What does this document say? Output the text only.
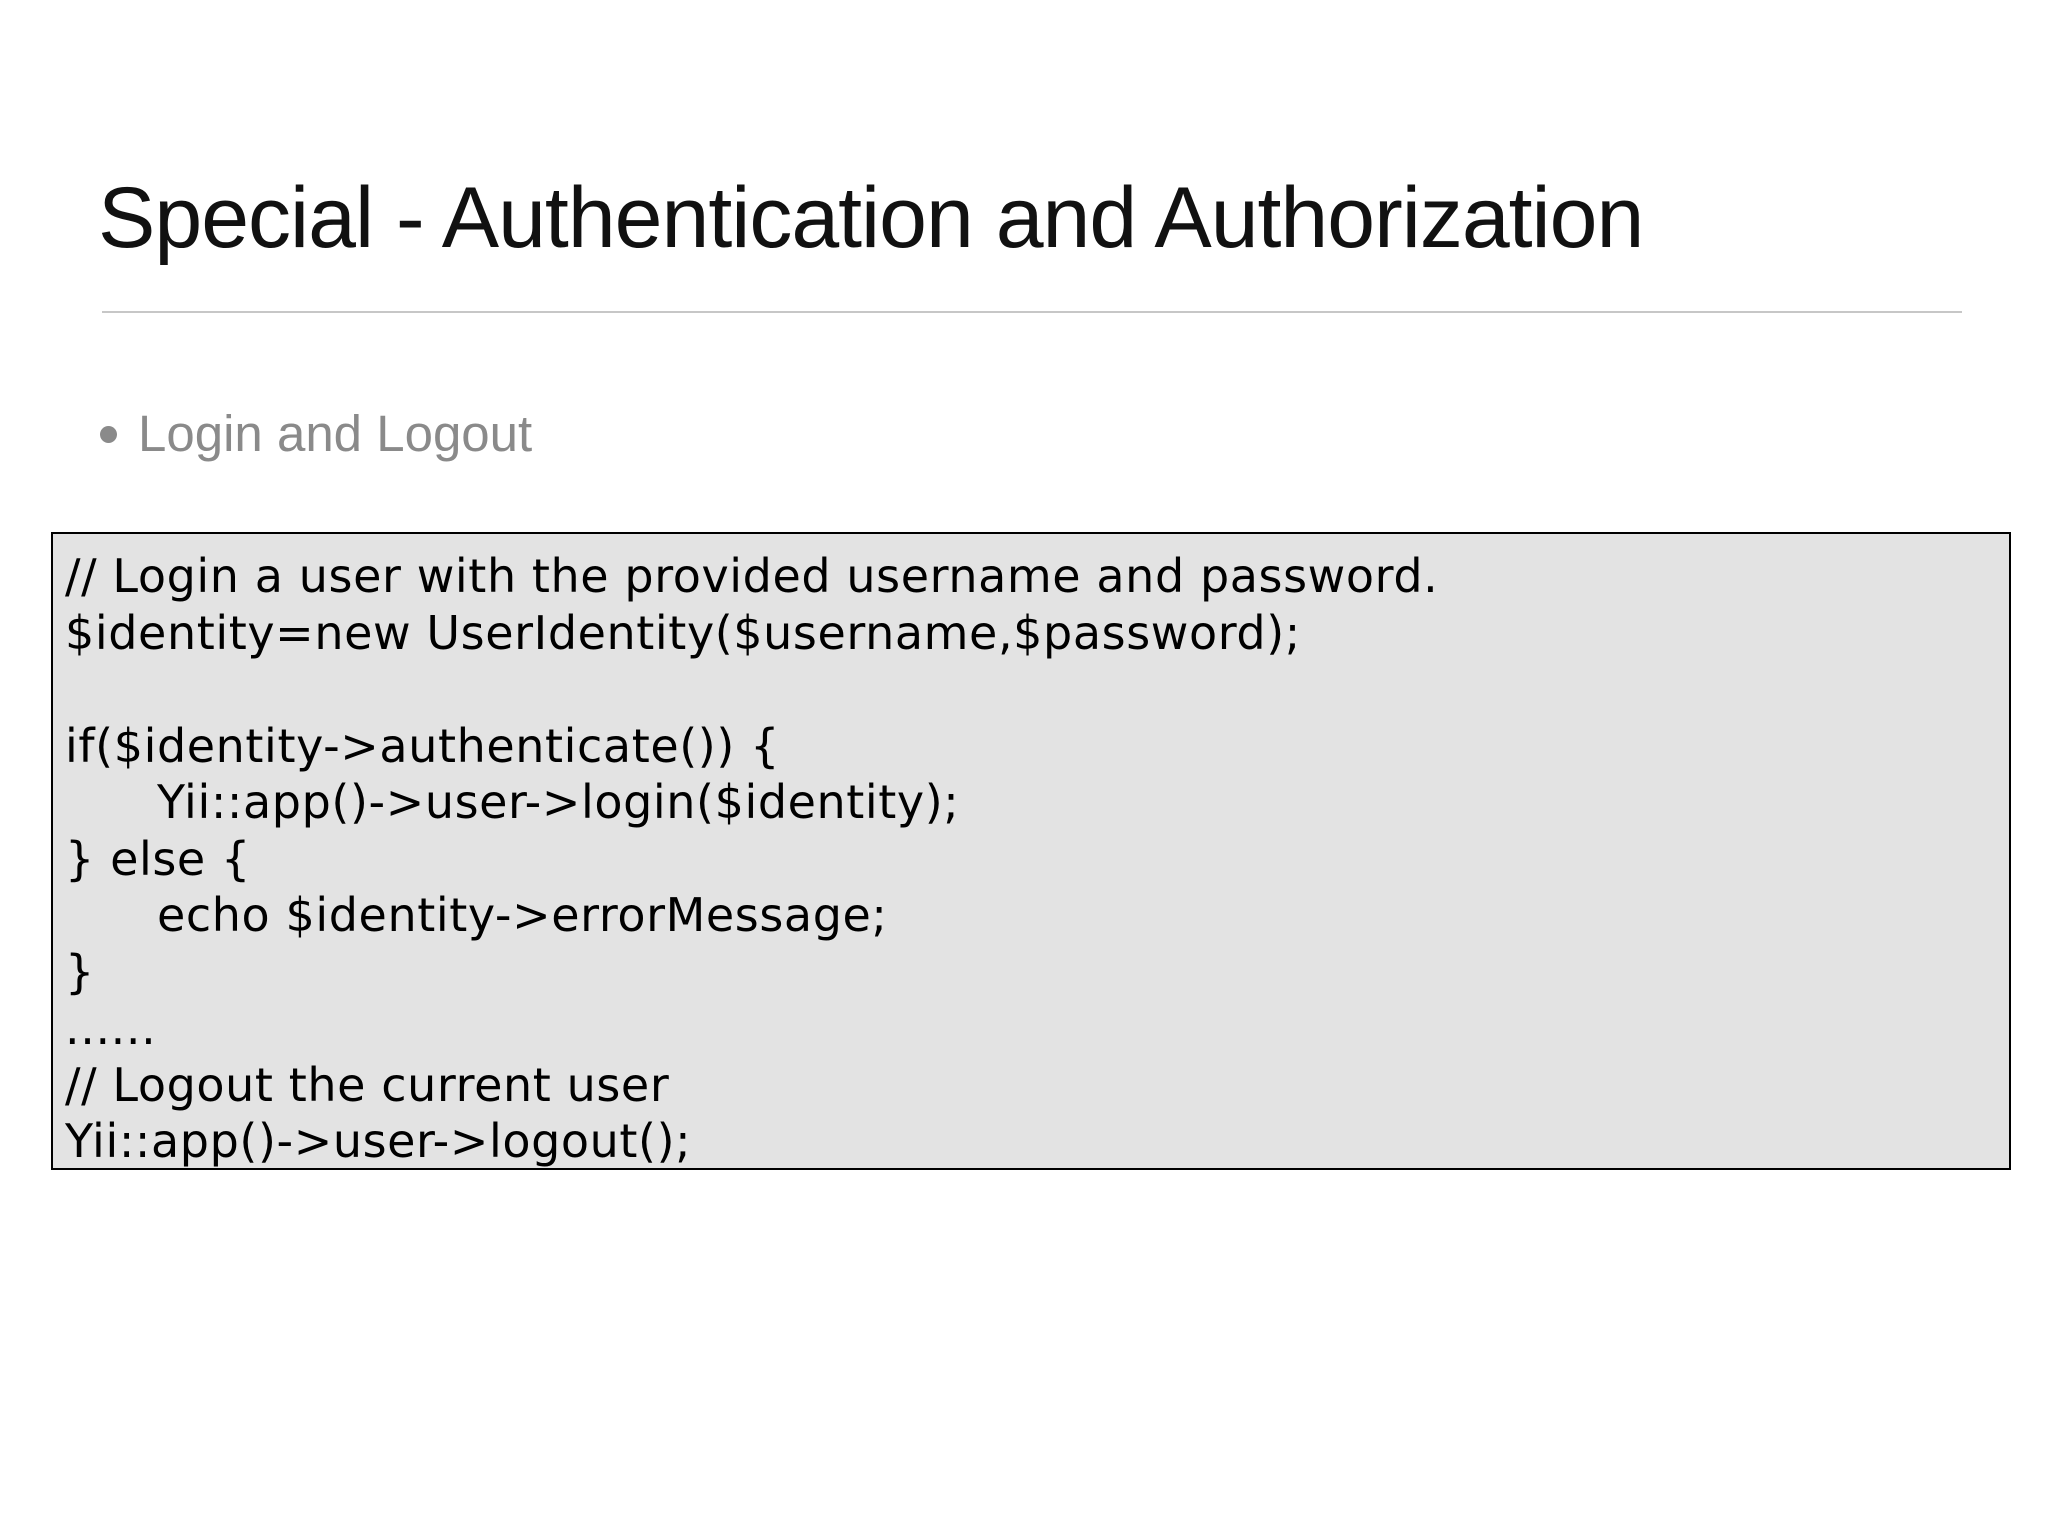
Special - Authentication and Authorization
Login and Logout
// Login a user with the provided username and password.
$identity=new UserIdentity($username,$password);
if($identity->authenticate()) {
Yii::app()->user->login($identity);
} else {
echo $identity->errorMessage;
}
......
// Logout the current user
Yii::app()->user->logout();
